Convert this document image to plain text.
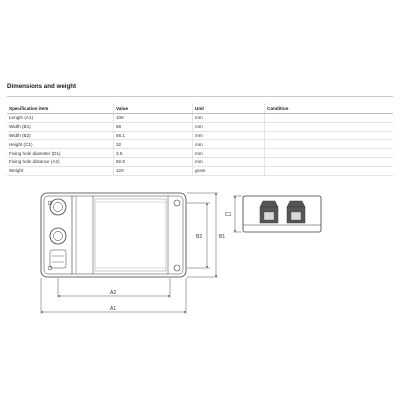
Dimensions and weight
Specification item	Value	Unit	Condition
Length (A1)	108	mm	
Width (B1)	68	mm	
Width (B2)	56.1	mm	
Height (C1)	32	mm	
Fixing hole diameter (D1)	3.6	mm	
Fixing hole distance (A2)	92.9	mm	
Weight	120	gram	
A2
A1
B2	B1
C1
